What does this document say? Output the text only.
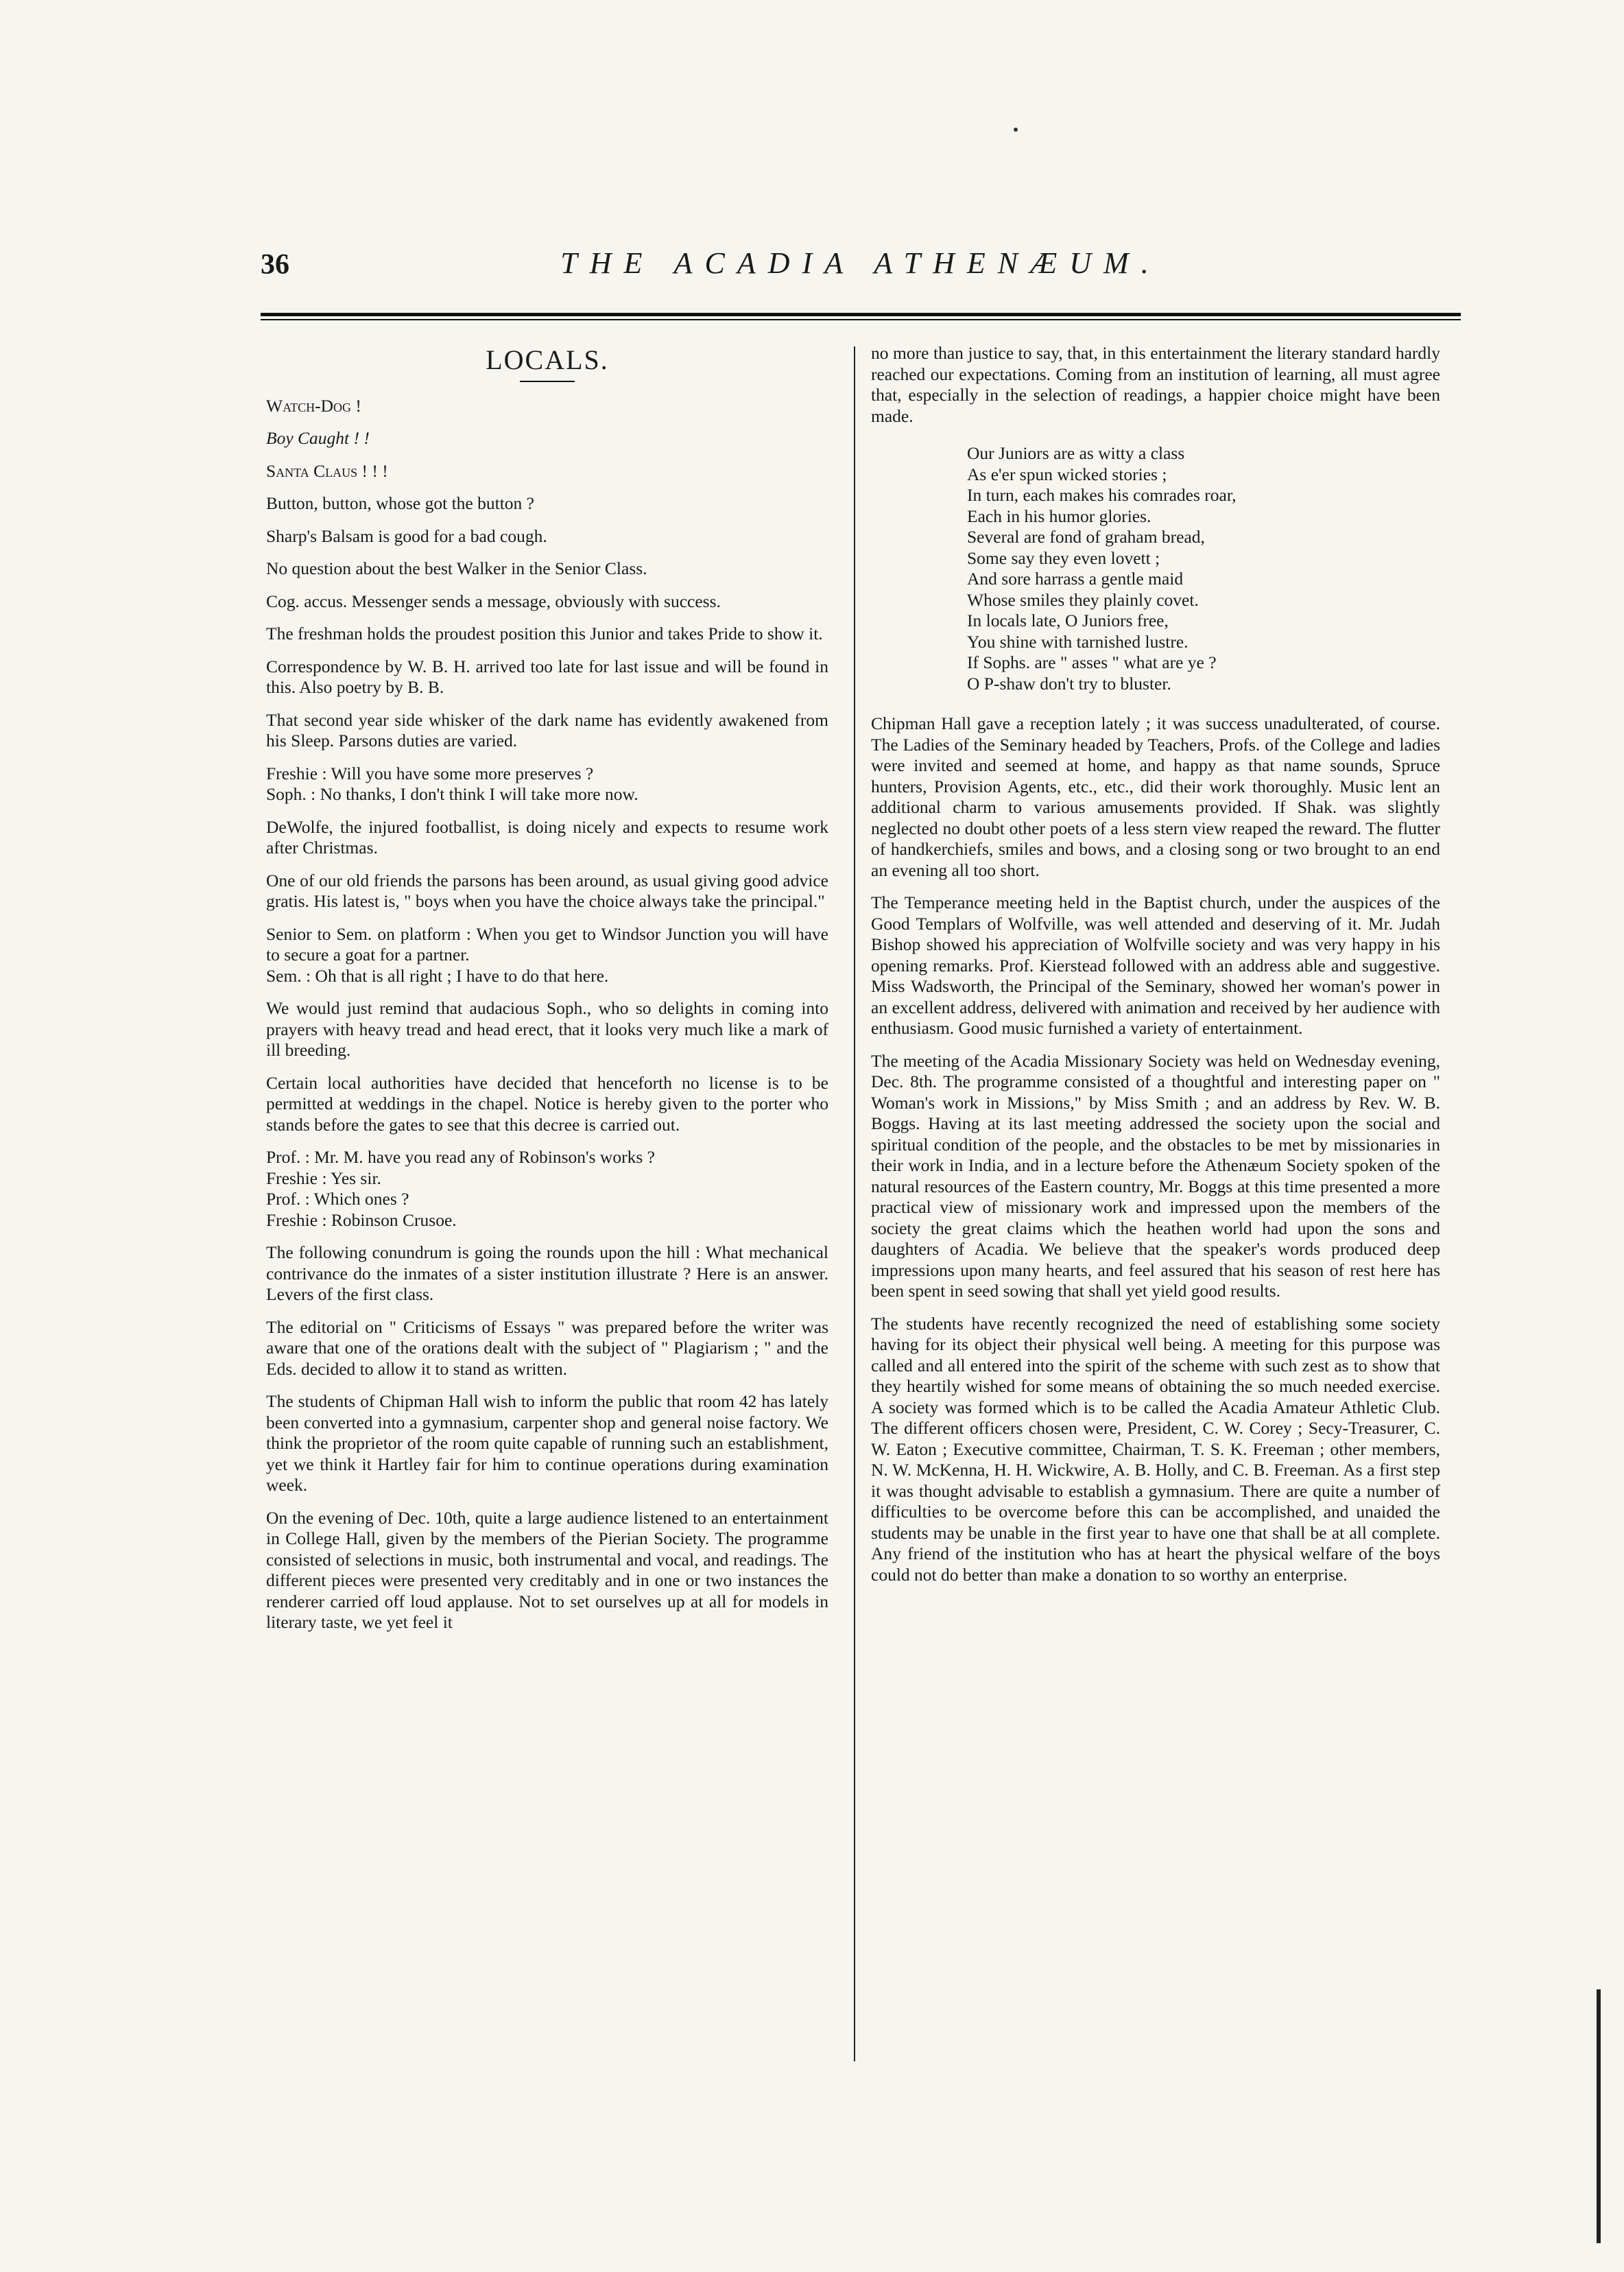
36	THE ACADIA ATHENÆUM.
LOCALS.

Watch-Dog !

Boy Caught ! !

Santa Claus ! ! !

Button, button, whose got the button ?

Sharp's Balsam is good for a bad cough.

No question about the best Walker in the Senior Class.

Cog. accus. Messenger sends a message, obviously with success.

The freshman holds the proudest position this Junior and takes Pride to show it.

Correspondence by W. B. H. arrived too late for last issue and will be found in this. Also poetry by B. B.

That second year side whisker of the dark name has evidently awakened from his Sleep. Parsons duties are varied.

Freshie : Will you have some more preserves ?
Soph. : No thanks, I don't think I will take more now.

DeWolfe, the injured footballist, is doing nicely and expects to resume work after Christmas.

One of our old friends the parsons has been around, as usual giving good advice gratis. His latest is, " boys when you have the choice always take the principal."

Senior to Sem. on platform : When you get to Windsor Junction you will have to secure a goat for a partner.
Sem. : Oh that is all right ; I have to do that here.

We would just remind that audacious Soph., who so delights in coming into prayers with heavy tread and head erect, that it looks very much like a mark of ill breeding.

Certain local authorities have decided that henceforth no license is to be permitted at weddings in the chapel. Notice is hereby given to the porter who stands before the gates to see that this decree is carried out.

Prof. : Mr. M. have you read any of Robinson's works ?
Freshie : Yes sir.
Prof. : Which ones ?
Freshie : Robinson Crusoe.

The following conundrum is going the rounds upon the hill : What mechanical contrivance do the inmates of a sister institution illustrate ? Here is an answer. Levers of the first class.

The editorial on " Criticisms of Essays " was prepared before the writer was aware that one of the orations dealt with the subject of " Plagiarism ; " and the Eds. decided to allow it to stand as written.

The students of Chipman Hall wish to inform the public that room 42 has lately been converted into a gymnasium, carpenter shop and general noise factory. We think the proprietor of the room quite capable of running such an establishment, yet we think it Hartley fair for him to continue operations during examination week.

On the evening of Dec. 10th, quite a large audience listened to an entertainment in College Hall, given by the members of the Pierian Society. The programme consisted of selections in music, both instrumental and vocal, and readings. The different pieces were presented very creditably and in one or two instances the renderer carried off loud applause. Not to set ourselves up at all for models in literary taste, we yet feel it

no more than justice to say, that, in this entertainment the literary standard hardly reached our expectations. Coming from an institution of learning, all must agree that, especially in the selection of readings, a happier choice might have been made.

Our Juniors are as witty a class
As e'er spun wicked stories ;
In turn, each makes his comrades roar,
Each in his humor glories.
Several are fond of graham bread,
Some say they even lovett ;
And sore harrass a gentle maid
Whose smiles they plainly covet.
In locals late, O Juniors free,
You shine with tarnished lustre.
If Sophs. are " asses " what are ye ?
O P-shaw don't try to bluster.

Chipman Hall gave a reception lately ; it was success unadulterated, of course. The Ladies of the Seminary headed by Teachers, Profs. of the College and ladies were invited and seemed at home, and happy as that name sounds, Spruce hunters, Provision Agents, etc., etc., did their work thoroughly. Music lent an additional charm to various amusements provided. If Shak. was slightly neglected no doubt other poets of a less stern view reaped the reward. The flutter of handkerchiefs, smiles and bows, and a closing song or two brought to an end an evening all too short.

The Temperance meeting held in the Baptist church, under the auspices of the Good Templars of Wolfville, was well attended and deserving of it. Mr. Judah Bishop showed his appreciation of Wolfville society and was very happy in his opening remarks. Prof. Kierstead followed with an address able and suggestive. Miss Wadsworth, the Principal of the Seminary, showed her woman's power in an excellent address, delivered with animation and received by her audience with enthusiasm. Good music furnished a variety of entertainment.

The meeting of the Acadia Missionary Society was held on Wednesday evening, Dec. 8th. The programme consisted of a thoughtful and interesting paper on " Woman's work in Missions," by Miss Smith ; and an address by Rev. W. B. Boggs. Having at its last meeting addressed the society upon the social and spiritual condition of the people, and the obstacles to be met by missionaries in their work in India, and in a lecture before the Athenæum Society spoken of the natural resources of the Eastern country, Mr. Boggs at this time presented a more practical view of missionary work and impressed upon the members of the society the great claims which the heathen world had upon the sons and daughters of Acadia. We believe that the speaker's words produced deep impressions upon many hearts, and feel assured that his season of rest here has been spent in seed sowing that shall yet yield good results.

The students have recently recognized the need of establishing some society having for its object their physical well being. A meeting for this purpose was called and all entered into the spirit of the scheme with such zest as to show that they heartily wished for some means of obtaining the so much needed exercise. A society was formed which is to be called the Acadia Amateur Athletic Club. The different officers chosen were, President, C. W. Corey ; Secy-Treasurer, C. W. Eaton ; Executive committee, Chairman, T. S. K. Freeman ; other members, N. W. McKenna, H. H. Wickwire, A. B. Holly, and C. B. Freeman. As a first step it was thought advisable to establish a gymnasium. There are quite a number of difficulties to be overcome before this can be accomplished, and unaided the students may be unable in the first year to have one that shall be at all complete. Any friend of the institution who has at heart the physical welfare of the boys could not do better than make a donation to so worthy an enterprise.
